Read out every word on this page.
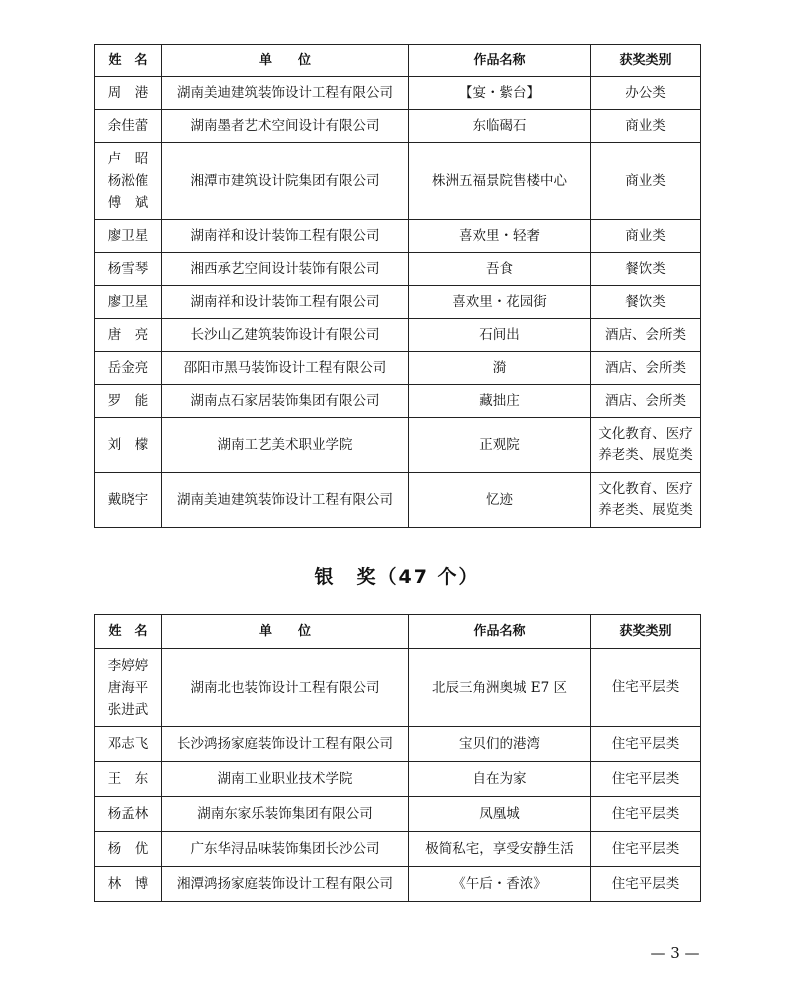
姓　名	单　　位	作品名称	获奖类别

周　港	湖南美迪建筑装饰设计工程有限公司	【宴・紫台】	办公类

余佳蕾	湖南墨者艺术空间设计有限公司	东临碣石	商业类

卢　昭
杨淞傕
傅　斌	湘潭市建筑设计院集团有限公司	株洲五福景院售楼中心	商业类

廖卫星	湖南祥和设计装饰工程有限公司	喜欢里・轻奢	商业类

杨雪琴	湘西承艺空间设计装饰有限公司	吾食	餐饮类

廖卫星	湖南祥和设计装饰工程有限公司	喜欢里・花园街	餐饮类

唐　亮	长沙山乙建筑装饰设计有限公司	石间出	酒店、会所类

岳金亮	邵阳市黑马装饰设计工程有限公司	漪	酒店、会所类

罗　能	湖南点石家居装饰集团有限公司	藏拙庄	酒店、会所类

刘　檬	湖南工艺美术职业学院	正观院	文化教育、医疗
养老类、展览类

戴晓宇	湖南美迪建筑装饰设计工程有限公司	忆迹	文化教育、医疗
养老类、展览类
银　奖（47 个）
姓　名	单　　位	作品名称	获奖类别

李婷婷
唐海平
张进武	湖南北也装饰设计工程有限公司	北辰三角洲奥城 E7 区	住宅平层类

邓志飞	长沙鸿扬家庭装饰设计工程有限公司	宝贝们的港湾	住宅平层类

王　东	湖南工业职业技术学院	自在为家	住宅平层类

杨孟林	湖南东家乐装饰集团有限公司	凤凰城	住宅平层类

杨　优	广东华浔品味装饰集团长沙公司	极简私宅，享受安静生活	住宅平层类

林　博	湘潭鸿扬家庭装饰设计工程有限公司	《午后・香浓》	住宅平层类
— 3 —
